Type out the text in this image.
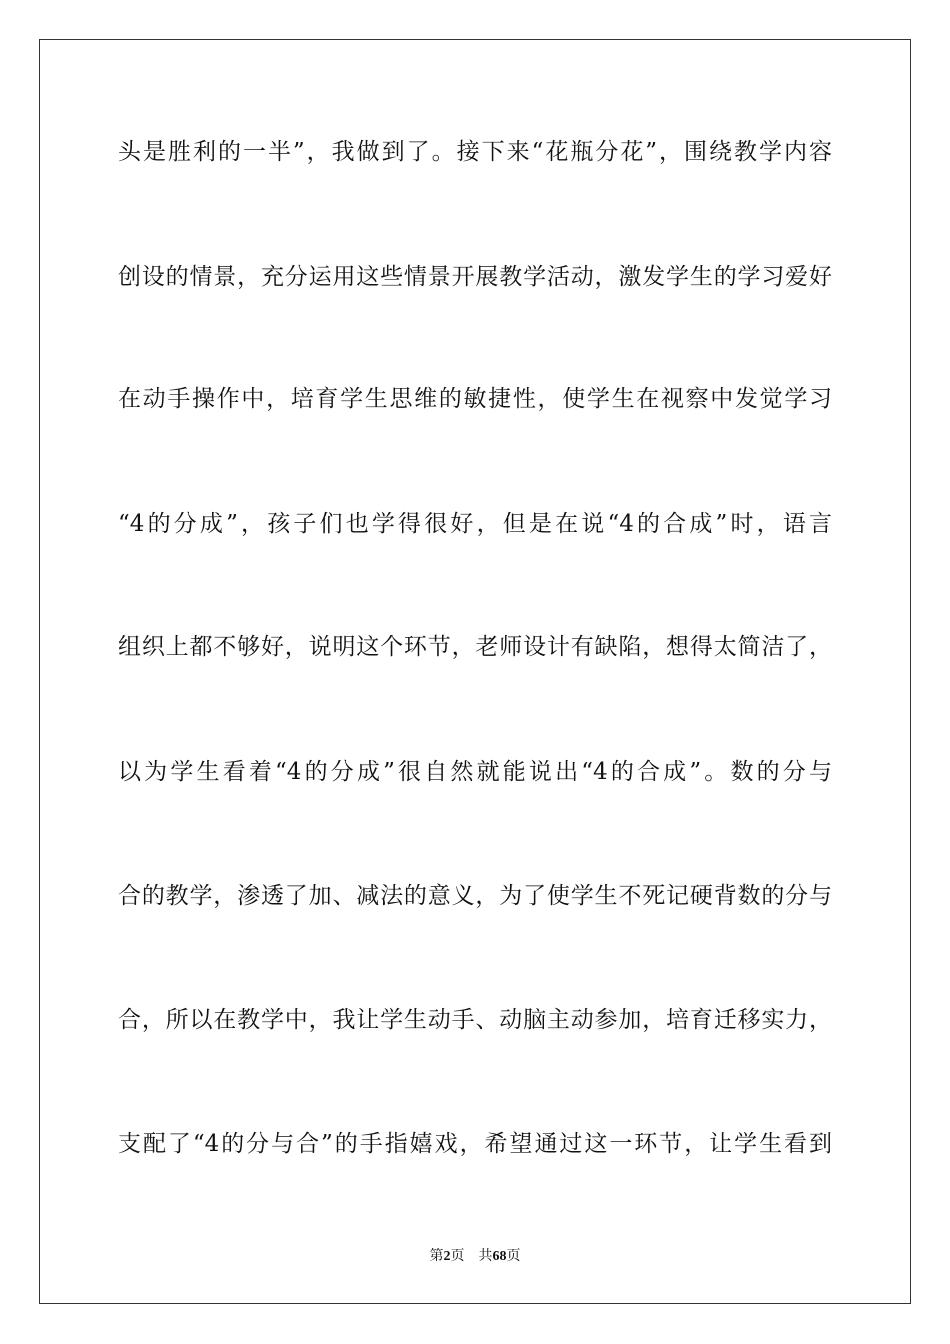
头是胜利的一半”，我做到了。接下来“花瓶分花”，围绕教学内容
创设的情景，充分运用这些情景开展教学活动，激发学生的学习爱好
在动手操作中，培育学生思维的敏捷性，使学生在视察中发觉学习
“4的分成”，孩子们也学得很好，但是在说“4的合成”时，语言
组织上都不够好，说明这个环节，老师设计有缺陷，想得太简洁了，
以为学生看着“4的分成”很自然就能说出“4的合成”。数的分与
合的教学，渗透了加、减法的意义，为了使学生不死记硬背数的分与
合，所以在教学中，我让学生动手、动脑主动参加，培育迁移实力，
支配了“4的分与合”的手指嬉戏，希望通过这一环节，让学生看到
第2页 共68页
